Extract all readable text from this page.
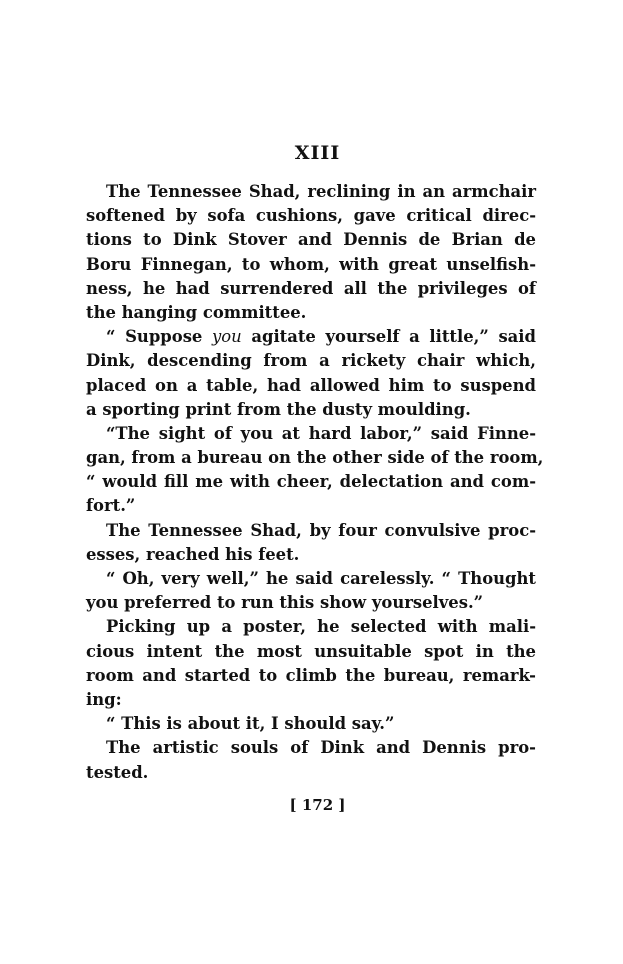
XIII
The Tennessee Shad, reclining in an armchair
softened by sofa cushions, gave critical direc-
tions to Dink Stover and Dennis de Brian de
Boru Finnegan, to whom, with great unselfish-
ness, he had surrendered all the privileges of
the hanging committee.
“ Suppose you agitate yourself a little,” said
Dink, descending from a rickety chair which,
placed on a table, had allowed him to suspend
a sporting print from the dusty moulding.
“The sight of you at hard labor,” said Finne-
gan, from a bureau on the other side of the room,
“ would fill me with cheer, delectation and com-
fort.”
The Tennessee Shad, by four convulsive proc-
esses, reached his feet.
“ Oh, very well,” he said carelessly. “ Thought
you preferred to run this show yourselves.”
Picking up a poster, he selected with mali-
cious intent the most unsuitable spot in the
room and started to climb the bureau, remark-
ing:
“ This is about it, I should say.”
The artistic souls of Dink and Dennis pro-
tested.
[ 172 ]
